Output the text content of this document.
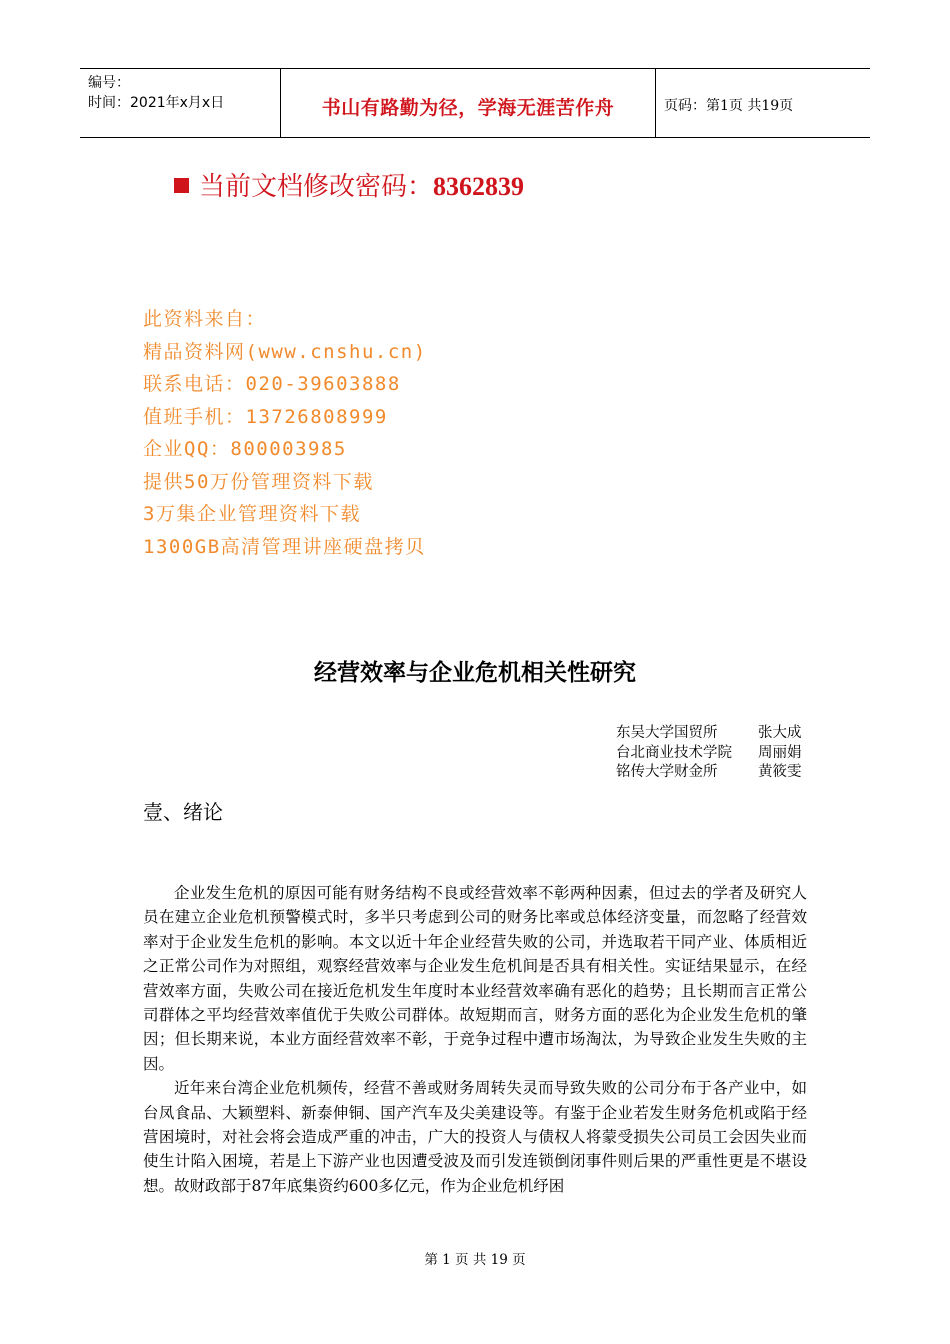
编号：
时间：2021年x月x日	书山有路勤为径，学海无涯苦作舟	页码：第1页 共19页
当前文档修改密码：8362839
此资料来自：
精品资料网(www.cnshu.cn)
联系电话：020-39603888
值班手机：13726808999
企业QQ：800003985
提供50万份管理资料下载
3万集企业管理资料下载
1300GB高清管理讲座硬盘拷贝
经营效率与企业危机相关性研究
东吴大学国贸所	张大成
台北商业技术学院 周丽娟
铭传大学财金所	黄筱雯
壹、绪论

企业发生危机的原因可能有财务结构不良或经营效率不彰两种因素，但过去的学者及研究人员在建立企业危机预警模式时，多半只考虑到公司的财务比率或总体经济变量，而忽略了经营效率对于企业发生危机的影响。本文以近十年企业经营失败的公司，并选取若干同产业、体质相近之正常公司作为对照组，观察经营效率与企业发生危机间是否具有相关性。实证结果显示，在经营效率方面，失败公司在接近危机发生年度时本业经营效率确有恶化的趋势；且长期而言正常公司群体之平均经营效率值优于失败公司群体。故短期而言，财务方面的恶化为企业发生危机的肇因；但长期来说，本业方面经营效率不彰，于竞争过程中遭市场淘汰，为导致企业发生失败的主因。

近年来台湾企业危机频传，经营不善或财务周转失灵而导致失败的公司分布于各产业中，如台凤食品、大颖塑料、新泰伸铜、国产汽车及尖美建设等。有鉴于企业若发生财务危机或陷于经营困境时，对社会将会造成严重的冲击，广大的投资人与债权人将蒙受损失公司员工会因失业而使生计陷入困境，若是上下游产业也因遭受波及而引发连锁倒闭事件则后果的严重性更是不堪设想。故财政部于87年底集资约600多亿元，作为企业危机纾困

第 1 页 共 19 页
